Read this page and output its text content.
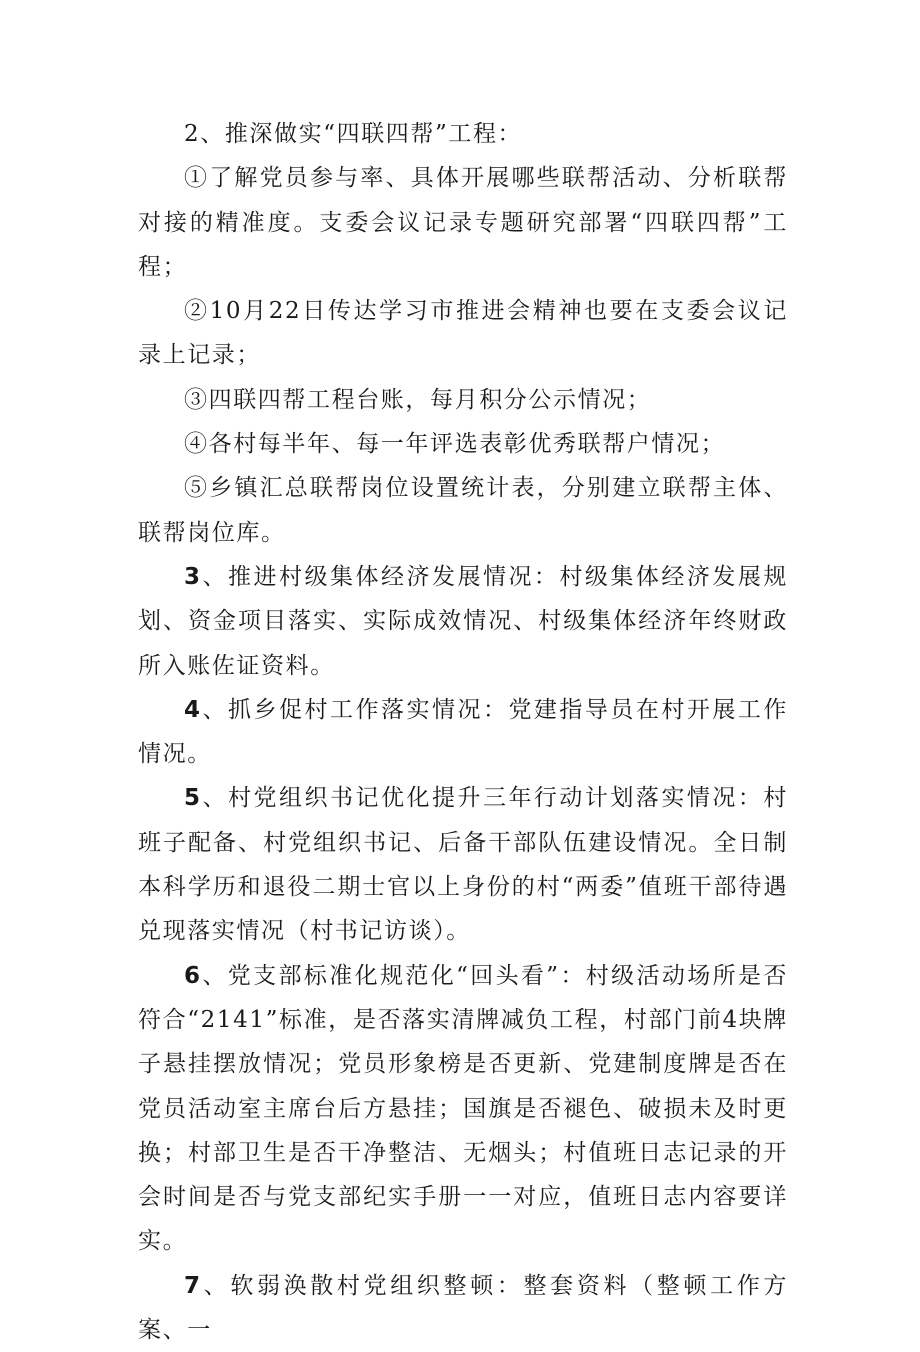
2、推深做实“四联四帮”工程：

①了解党员参与率、具体开展哪些联帮活动、分析联帮对接的精准度。支委会议记录专题研究部署“四联四帮”工程；

②10月22日传达学习市推进会精神也要在支委会议记录上记录；

③四联四帮工程台账，每月积分公示情况；

④各村每半年、每一年评选表彰优秀联帮户情况；

⑤乡镇汇总联帮岗位设置统计表，分别建立联帮主体、联帮岗位库。

3、推进村级集体经济发展情况：村级集体经济发展规划、资金项目落实、实际成效情况、村级集体经济年终财政所入账佐证资料。

4、抓乡促村工作落实情况：党建指导员在村开展工作情况。

5、村党组织书记优化提升三年行动计划落实情况：村班子配备、村党组织书记、后备干部队伍建设情况。全日制本科学历和退役二期士官以上身份的村“两委”值班干部待遇兑现落实情况（村书记访谈）。

6、党支部标准化规范化“回头看”：村级活动场所是否符合“2141”标准，是否落实清牌减负工程，村部门前4块牌子悬挂摆放情况；党员形象榜是否更新、党建制度牌是否在党员活动室主席台后方悬挂；国旗是否褪色、破损未及时更换；村部卫生是否干净整洁、无烟头；村值班日志记录的开会时间是否与党支部纪实手册一一对应，值班日志内容要详实。

7、软弱涣散村党组织整顿：整套资料（整顿工作方案、一
